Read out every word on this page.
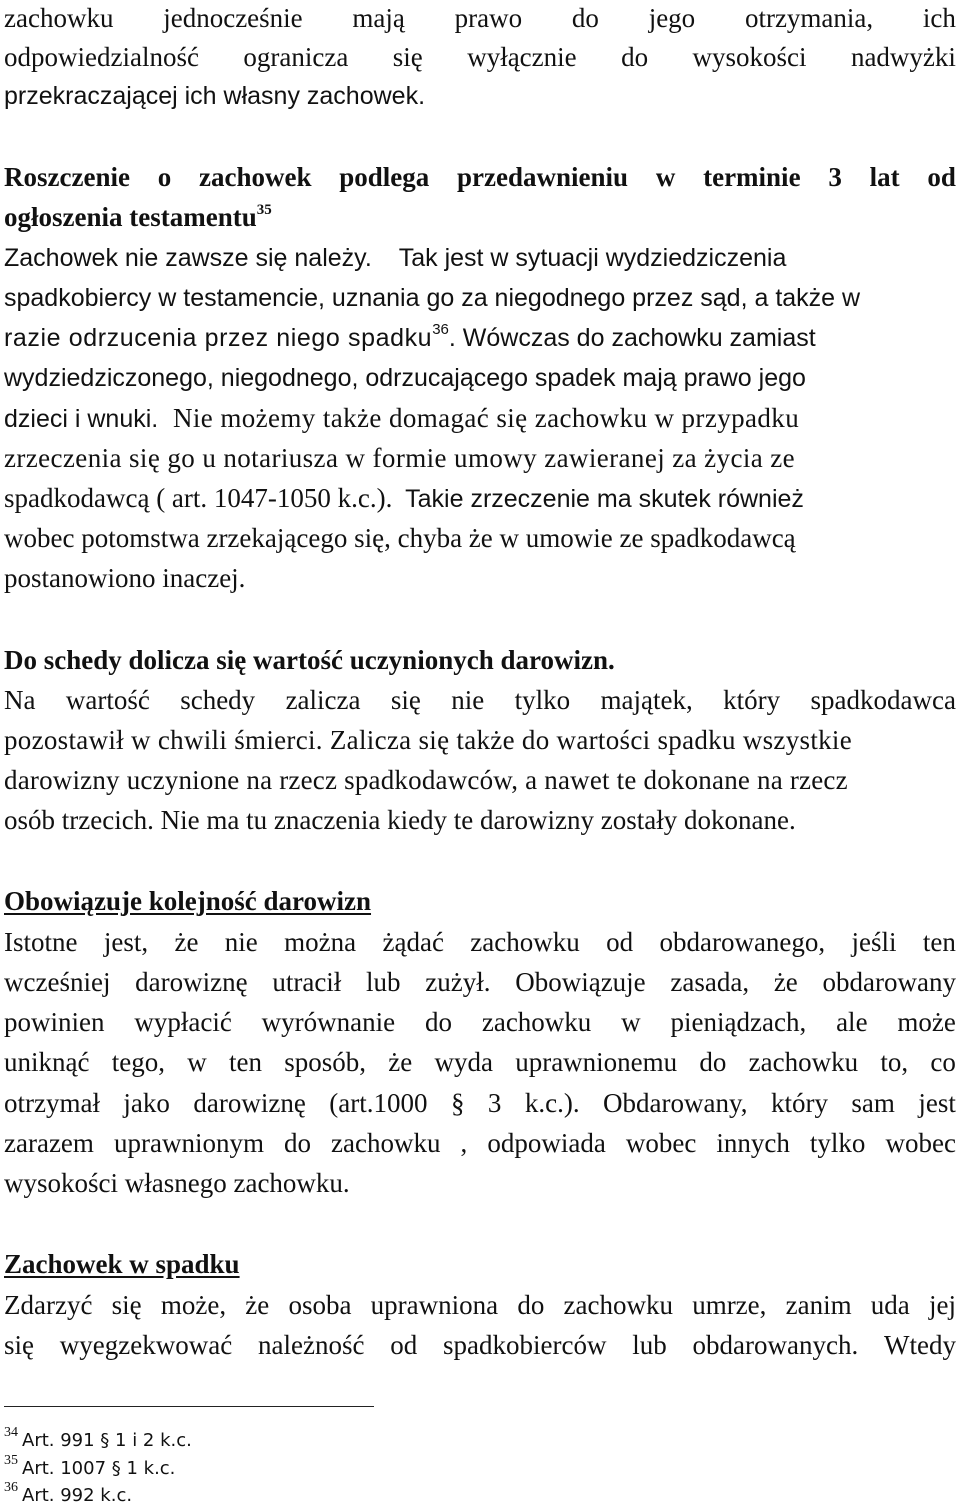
zachowku jednocześnie mają prawo do jego otrzymania, ich
odpowiedzialność ogranicza się wyłącznie do wysokości nadwyżki
przekraczającej ich własny zachowek.
Roszczenie o zachowek podlega przedawnieniu w terminie 3 lat od
ogłoszenia testamentu$^{35}$
Zachowek nie zawsze się należy. Tak jest w sytuacji wydziedziczenia
spadkobiercy w testamencie, uznania go za niegodnego przez sąd, a także w
razie odrzucenia przez niego spadku$^{36}$. Wówczas do zachowku zamiast
wydziedziczonego, niegodnego, odrzucającego spadek mają prawo jego
dzieci i wnuki. Nie możemy także domagać się zachowku w przypadku
zrzeczenia się go u notariusza w formie umowy zawieranej za życia ze
spadkodawcą ( art. 1047-1050 k.c.). Takie zrzeczenie ma skutek również
wobec potomstwa zrzekającego się, chyba że w umowie ze spadkodawcą
postanowiono inaczej.
Do schedy dolicza się wartość uczynionych darowizn.
Na wartość schedy zalicza się nie tylko majątek, który spadkodawca
pozostawił w chwili śmierci. Zalicza się także do wartości spadku wszystkie
darowizny uczynione na rzecz spadkodawców, a nawet te dokonane na rzecz
osób trzecich. Nie ma tu znaczenia kiedy te darowizny zostały dokonane.
Obowiązuje kolejność darowizn
Istotne jest, że nie można żądać zachowku od obdarowanego, jeśli ten
wcześniej darowiznę utracił lub zużył. Obowiązuje zasada, że obdarowany
powinien wypłacić wyrównanie do zachowku w pieniądzach, ale może
uniknąć tego, w ten sposób, że wyda uprawnionemu do zachowku to, co
otrzymał jako darowiznę (art.1000 § 3 k.c.). Obdarowany, który sam jest
zarazem uprawnionym do zachowku , odpowiada wobec innych tylko wobec
wysokości własnego zachowku.
Zachowek w spadku
Zdarzyć się może, że osoba uprawniona do zachowku umrze, zanim uda jej
się wyegzekwować należność od spadkobierców lub obdarowanych. Wtedy
34 Art. 991 § 1 i 2 k.c.
35 Art. 1007 § 1 k.c.
36 Art. 992 k.c.
